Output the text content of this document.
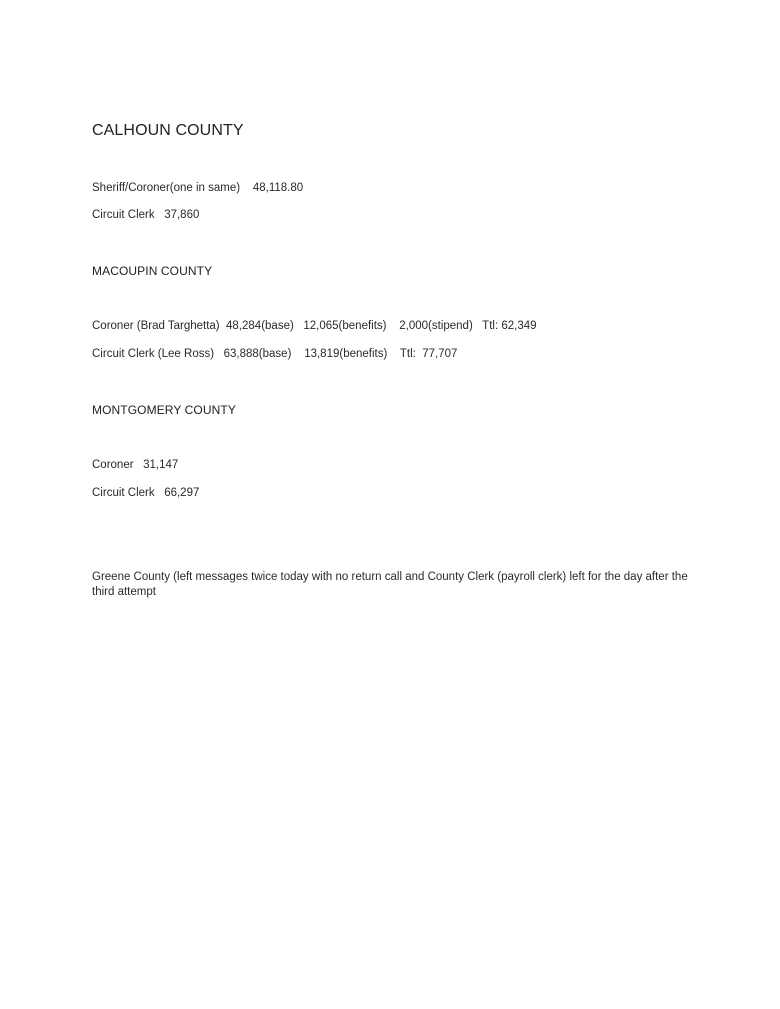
CALHOUN COUNTY
Sheriff/Coroner(one in same)    48,118.80
Circuit Clerk   37,860
MACOUPIN COUNTY
Coroner (Brad Targhetta)  48,284(base)   12,065(benefits)    2,000(stipend)   Ttl: 62,349
Circuit Clerk (Lee Ross)   63,888(base)    13,819(benefits)    Ttl:  77,707
MONTGOMERY COUNTY
Coroner   31,147
Circuit Clerk   66,297
Greene County (left messages twice today with no return call and County Clerk (payroll clerk) left for the day after the third attempt
